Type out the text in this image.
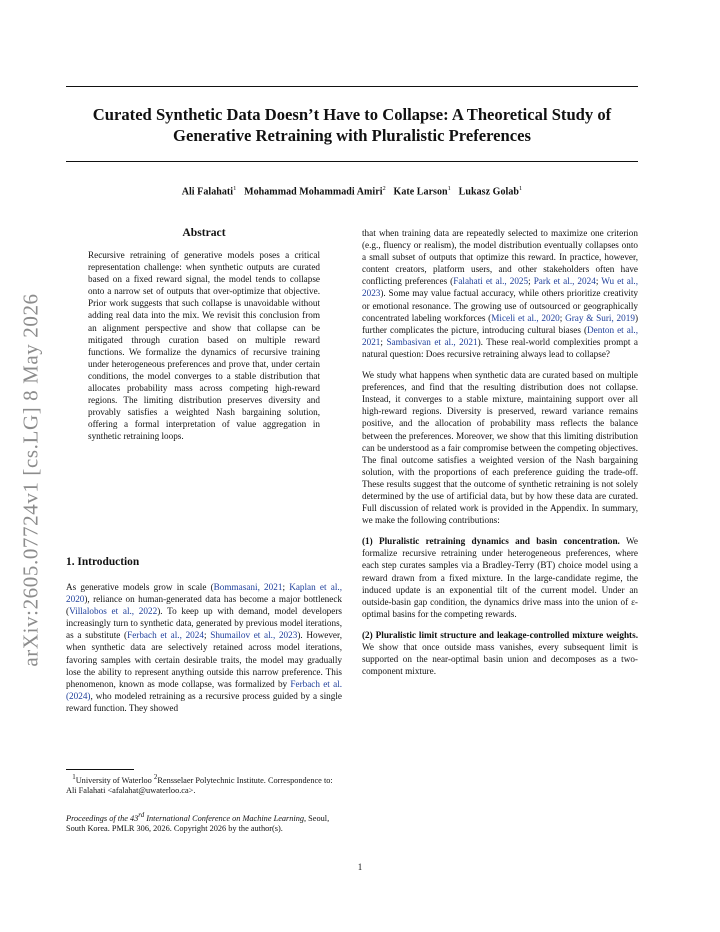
Curated Synthetic Data Doesn’t Have to Collapse: A Theoretical Study of Generative Retraining with Pluralistic Preferences
Ali Falahati$^1$ Mohammad Mohammadi Amiri$^2$ Kate Larson$^1$ Lukasz Golab$^1$
arXiv:2605.07724v1 [cs.LG] 8 May 2026
Abstract

Recursive retraining of generative models poses a critical representation challenge: when synthetic outputs are curated based on a fixed reward signal, the model tends to collapse onto a narrow set of outputs that over-optimize that objective. Prior work suggests that such collapse is unavoidable without adding real data into the mix. We revisit this conclusion from an alignment perspective and show that collapse can be mitigated through curation based on multiple reward functions. We formalize the dynamics of recursive training under heterogeneous preferences and prove that, under certain conditions, the model converges to a stable distribution that allocates probability mass across competing high-reward regions. The limiting distribution preserves diversity and provably satisfies a weighted Nash bargaining solution, offering a formal interpretation of value aggregation in synthetic retraining loops.

1. Introduction

As generative models grow in scale (Bommasani, 2021; Kaplan et al., 2020), reliance on human-generated data has become a major bottleneck (Villalobos et al., 2022). To keep up with demand, model developers increasingly turn to synthetic data, generated by previous model iterations, as a substitute (Ferbach et al., 2024; Shumailov et al., 2023). However, when synthetic data are selectively retained across model iterations, favoring samples with certain desirable traits, the model may gradually lose the ability to represent anything outside this narrow preference. This phenomenon, known as mode collapse, was formalized by Ferbach et al. (2024), who modeled retraining as a recursive process guided by a single reward function. They showed

that when training data are repeatedly selected to maximize one criterion (e.g., fluency or realism), the model distribution eventually collapses onto a small subset of outputs that optimize this reward. In practice, however, content creators, platform users, and other stakeholders often have conflicting preferences (Falahati et al., 2025; Park et al., 2024; Wu et al., 2023). Some may value factual accuracy, while others prioritize creativity or emotional resonance. The growing use of outsourced or geographically concentrated labeling workforces (Miceli et al., 2020; Gray & Suri, 2019) further complicates the picture, introducing cultural biases (Denton et al., 2021; Sambasivan et al., 2021). These real-world complexities prompt a natural question: Does recursive retraining always lead to collapse?

We study what happens when synthetic data are curated based on multiple preferences, and find that the resulting distribution does not collapse. Instead, it converges to a stable mixture, maintaining support over all high-reward regions. Diversity is preserved, reward variance remains positive, and the allocation of probability mass reflects the balance between the preferences. Moreover, we show that this limiting distribution can be understood as a fair compromise between the competing objectives. The final outcome satisfies a weighted version of the Nash bargaining solution, with the proportions of each preference guiding the trade-off. These results suggest that the outcome of synthetic retraining is not solely determined by the use of artificial data, but by how these data are curated. Full discussion of related work is provided in the Appendix. In summary, we make the following contributions:

(1) Pluralistic retraining dynamics and basin concentration. We formalize recursive retraining under heterogeneous preferences, where each step curates samples via a Bradley-Terry (BT) choice model using a reward drawn from a fixed mixture. In the large-candidate regime, the induced update is an exponential tilt of the current model. Under an outside-basin gap condition, the dynamics drive mass into the union of ε-optimal basins for the competing rewards.

(2) Pluralistic limit structure and leakage-controlled mixture weights. We show that once outside mass vanishes, every subsequent limit is supported on the near-optimal basin union and decomposes as a two-component mixture.

$^1$University of Waterloo $^2$Rensselaer Polytechnic Institute. Correspondence to: Ali Falahati <afalahat@uwaterloo.ca>.
Proceedings of the 43rd International Conference on Machine Learning, Seoul, South Korea. PMLR 306, 2026. Copyright 2026 by the author(s).
1
